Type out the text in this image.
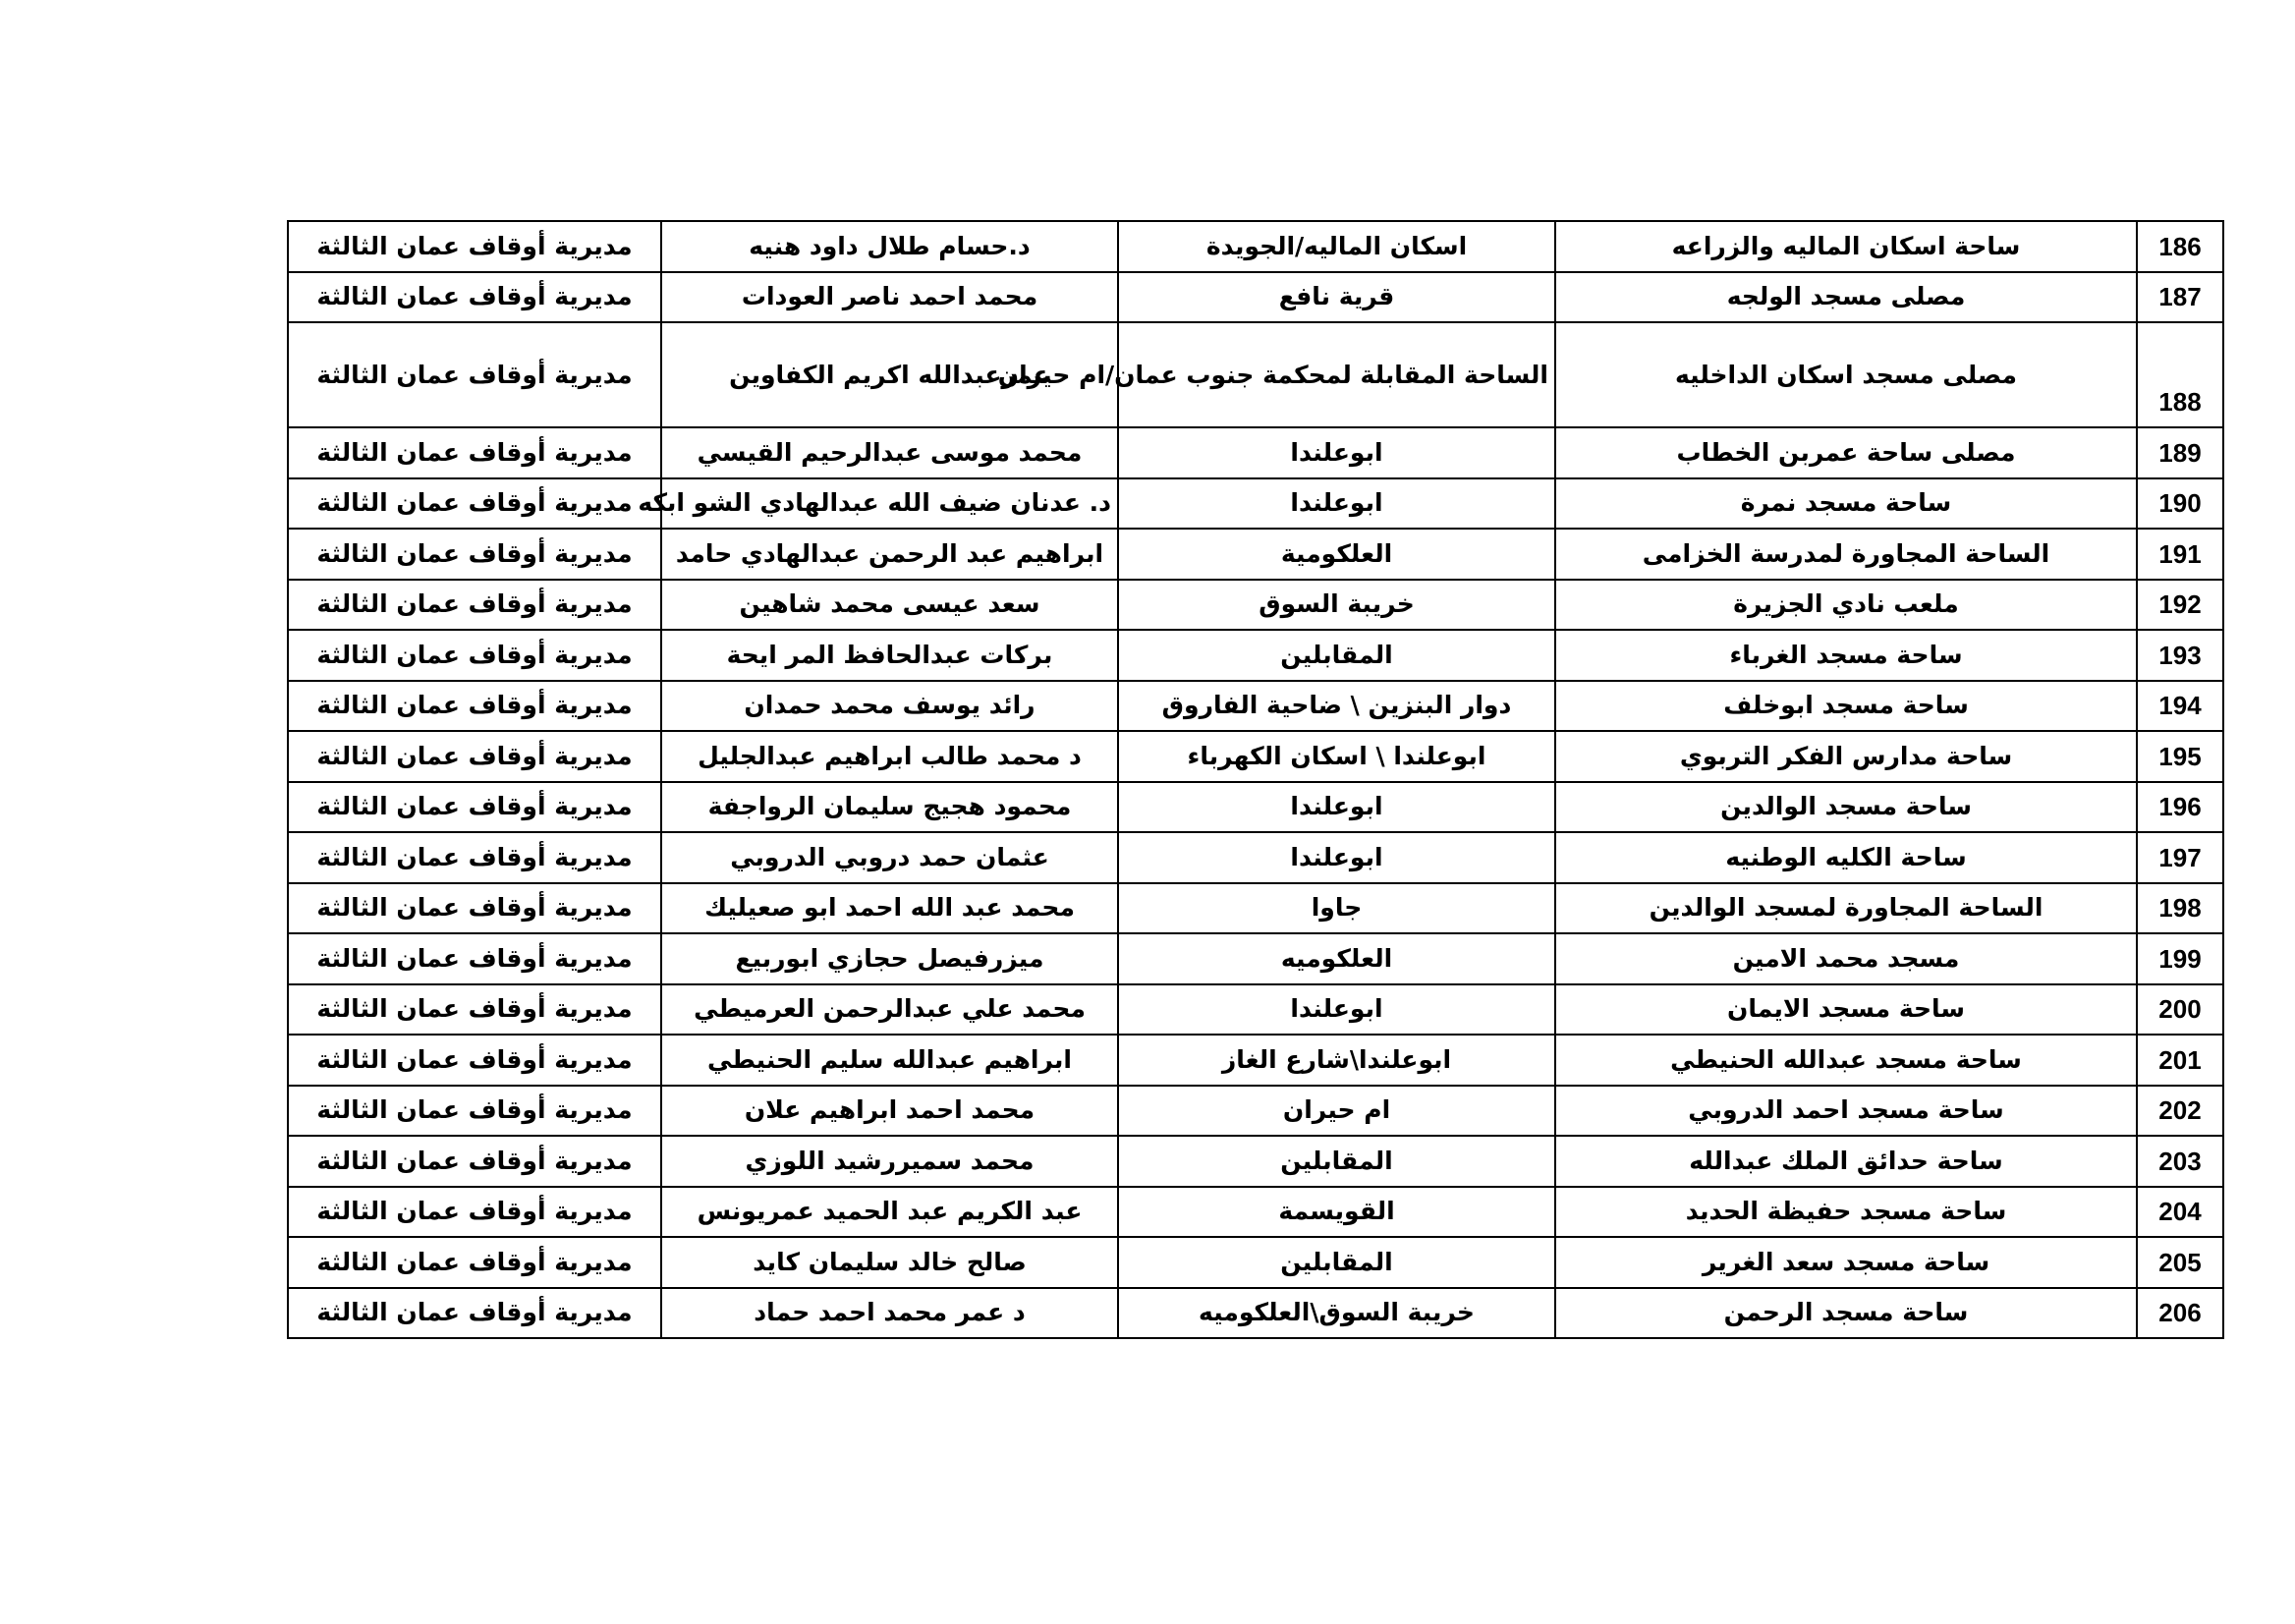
مديرية أوقاف عمان الثالثة	د.حسام طلال داود هنيه	اسكان الماليه/الجويدة	ساحة اسكان الماليه والزراعه	186
مديرية أوقاف عمان الثالثة	محمد احمد ناصر العودات	قرية نافع	مصلى مسجد الولجه	187
مديرية أوقاف عمان الثالثة	عمرعبدالله اكريم الكفاوين	الساحة المقابلة لمحكمة جنوب عمان/ام حيران	مصلى مسجد اسكان الداخليه	188
مديرية أوقاف عمان الثالثة	محمد موسى عبدالرحيم القيسي	ابوعلندا	مصلى ساحة عمربن الخطاب	189
مديرية أوقاف عمان الثالثة	د. عدنان ضيف الله عبدالهادي الشو ابكه	ابوعلندا	ساحة مسجد نمرة	190
مديرية أوقاف عمان الثالثة	ابراهيم عبد الرحمن عبدالهادي حامد	العلكومية	الساحة المجاورة لمدرسة الخزامى	191
مديرية أوقاف عمان الثالثة	سعد عيسى محمد شاهين	خريبة السوق	ملعب نادي الجزيرة	192
مديرية أوقاف عمان الثالثة	بركات عبدالحافظ المر ايحة	المقابلين	ساحة مسجد الغرباء	193
مديرية أوقاف عمان الثالثة	رائد يوسف محمد حمدان	دوار البنزين \ ضاحية الفاروق	ساحة مسجد ابوخلف	194
مديرية أوقاف عمان الثالثة	د محمد طالب ابراهيم عبدالجليل	ابوعلندا \ اسكان الكهرباء	ساحة مدارس الفكر التربوي	195
مديرية أوقاف عمان الثالثة	محمود هجيج سليمان الرواجفة	ابوعلندا	ساحة مسجد الوالدين	196
مديرية أوقاف عمان الثالثة	عثمان حمد دروبي الدروبي	ابوعلندا	ساحة الكليه الوطنيه	197
مديرية أوقاف عمان الثالثة	محمد عبد الله احمد ابو صعيليك	جاوا	الساحة المجاورة لمسجد الوالدين	198
مديرية أوقاف عمان الثالثة	ميزرفيصل حجازي ابوربيع	العلكوميه	مسجد محمد الامين	199
مديرية أوقاف عمان الثالثة	محمد علي عبدالرحمن العرميطي	ابوعلندا	ساحة مسجد الايمان	200
مديرية أوقاف عمان الثالثة	ابراهيم عبدالله سليم الحنيطي	ابوعلندا\شارع الغاز	ساحة مسجد عبدالله الحنيطي	201
مديرية أوقاف عمان الثالثة	محمد احمد ابراهيم علان	ام حيران	ساحة مسجد احمد الدروبي	202
مديرية أوقاف عمان الثالثة	محمد سميررشيد اللوزي	المقابلين	ساحة حدائق الملك عبدالله	203
مديرية أوقاف عمان الثالثة	عبد الكريم عبد الحميد عمريونس	القويسمة	ساحة مسجد حفيظة الحديد	204
مديرية أوقاف عمان الثالثة	صالح خالد سليمان كايد	المقابلين	ساحة مسجد سعد الغرير	205
مديرية أوقاف عمان الثالثة	د عمر محمد احمد حماد	خريبة السوق\العلكوميه	ساحة مسجد الرحمن	206
